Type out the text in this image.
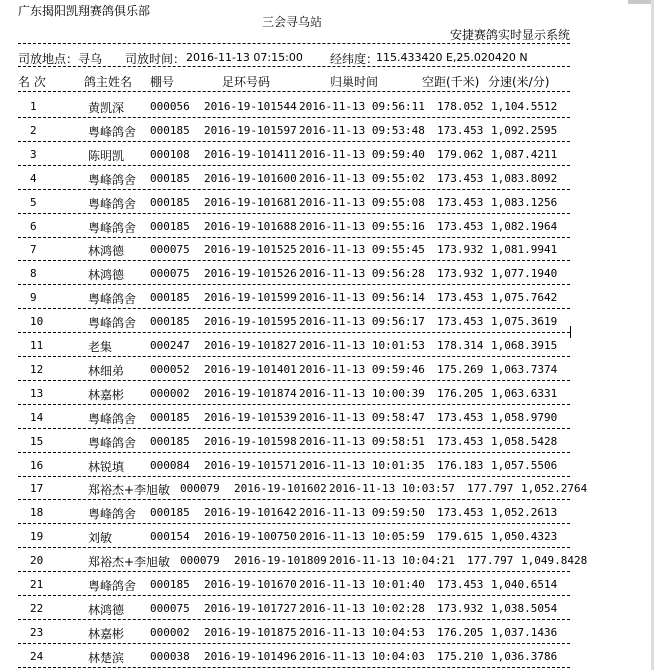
广东揭阳凯翔赛鸽俱乐部
三会寻乌站
安捷赛鸽实时显示系统

司放地点：

寻乌

司放时间：

2016-11-13 07:15:00

经纬度：

115.433420 E,25.020420 N

名 次	鸽主姓名 棚号	足环号码	归巢时间	空距(千米) 分速(米/分)
1	黄凯深 000056 2016-19-101544 2016-11-13 09:56:11 178.052 1,104.5512
2	粤峰鸽舍 000185 2016-19-101597 2016-11-13 09:53:48 173.453 1,092.2595
3	陈明凯 000108 2016-19-101411 2016-11-13 09:59:40 179.062 1,087.4211
4	粤峰鸽舍 000185 2016-19-101600 2016-11-13 09:55:02 173.453 1,083.8092
5	粤峰鸽舍 000185 2016-19-101681 2016-11-13 09:55:08 173.453 1,083.1256
6	粤峰鸽舍 000185 2016-19-101688 2016-11-13 09:55:16 173.453 1,082.1964
7	林鸿德 000075 2016-19-101525 2016-11-13 09:55:45 173.932 1,081.9941
8	林鸿德 000075 2016-19-101526 2016-11-13 09:56:28 173.932 1,077.1940
9	粤峰鸽舍 000185 2016-19-101599 2016-11-13 09:56:14 173.453 1,075.7642
10	粤峰鸽舍 000185 2016-19-101595 2016-11-13 09:56:17 173.453 1,075.3619
11	老集	000247 2016-19-101827 2016-11-13 10:01:53 178.314 1,068.3915
12	林细弟 000052 2016-19-101401 2016-11-13 09:59:46 175.269 1,063.7374
13	林嘉彬 000002 2016-19-101874 2016-11-13 10:00:39 176.205 1,063.6331
14	粤峰鸽舍 000185 2016-19-101539 2016-11-13 09:58:47 173.453 1,058.9790
15	粤峰鸽舍 000185 2016-19-101598 2016-11-13 09:58:51 173.453 1,058.5428
16	林锐填 000084 2016-19-101571 2016-11-13 10:01:35 176.183 1,057.5506
17	郑裕杰+李旭敏 000079 2016-19-101602 2016-11-13 10:03:57 177.797 1,052.2764
18	粤峰鸽舍 000185 2016-19-101642 2016-11-13 09:59:50 173.453 1,052.2613
19	刘敏	000154 2016-19-100750 2016-11-13 10:05:59 179.615 1,050.4323
20	郑裕杰+李旭敏 000079 2016-19-101809 2016-11-13 10:04:21 177.797 1,049.8428
21	粤峰鸽舍 000185 2016-19-101670 2016-11-13 10:01:40 173.453 1,040.6514
22	林鸿德 000075 2016-19-101727 2016-11-13 10:02:28 173.932 1,038.5054
23	林嘉彬 000002 2016-19-101875 2016-11-13 10:04:53 176.205 1,037.1436
24	林楚滨 000038 2016-19-101496 2016-11-13 10:04:03 175.210 1,036.3786
